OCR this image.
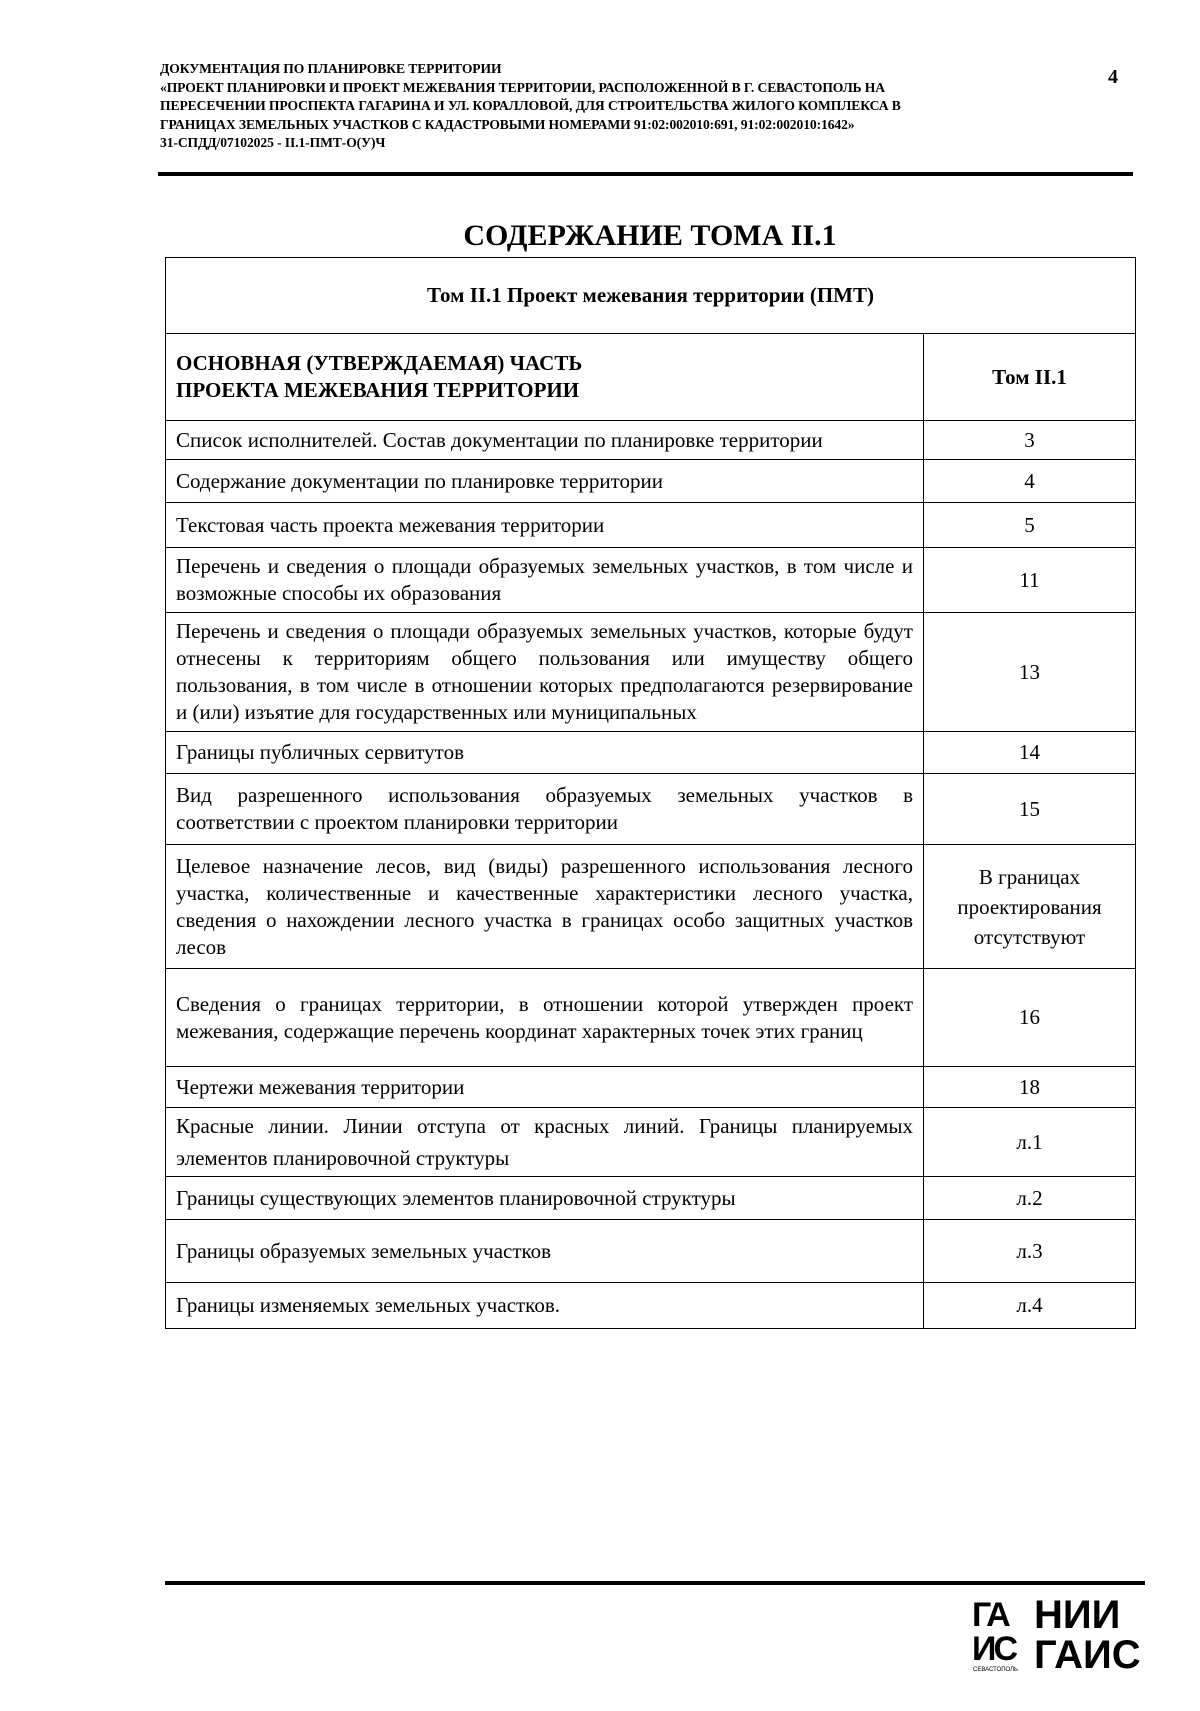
ДОКУМЕНТАЦИЯ ПО ПЛАНИРОВКЕ ТЕРРИТОРИИ
«ПРОЕКТ ПЛАНИРОВКИ И ПРОЕКТ МЕЖЕВАНИЯ ТЕРРИТОРИИ, РАСПОЛОЖЕННОЙ В Г. СЕВАСТОПОЛЬ НА
ПЕРЕСЕЧЕНИИ ПРОСПЕКТА ГАГАРИНА И УЛ. КОРАЛЛОВОЙ, ДЛЯ СТРОИТЕЛЬСТВА ЖИЛОГО КОМПЛЕКСА В
ГРАНИЦАХ ЗЕМЕЛЬНЫХ УЧАСТКОВ С КАДАСТРОВЫМИ НОМЕРАМИ 91:02:002010:691, 91:02:002010:1642»
31-СПДД/07102025 - II.1-ПМТ-О(У)Ч
4
СОДЕРЖАНИЕ ТОМА II.1
Том II.1 Проект межевания территории (ПМТ)	

ОСНОВНАЯ (УТВЕРЖДАЕМАЯ) ЧАСТЬ
ПРОЕКТА МЕЖЕВАНИЯ ТЕРРИТОРИИ	Том II.1
Список исполнителей. Состав документации по планировке территории	3
Содержание документации по планировке территории	4
Текстовая часть проекта межевания территории	5
Перечень и сведения о площади образуемых земельных участков, в том числе и возможные способы их образования	11
Перечень и сведения о площади образуемых земельных участков, которые будут отнесены к территориям общего пользования или имуществу общего пользования, в том числе в отношении которых предполагаются резервирование и (или) изъятие для государственных или муниципальных	13
Границы публичных сервитутов	14
Вид разрешенного использования образуемых земельных участков в соответствии с проектом планировки территории	15
Целевое назначение лесов, вид (виды) разрешенного использования лесного участка, количественные и качественные характеристики лесного участка, сведения о нахождении лесного участка в границах особо защитных участков лесов	В границах проектирования отсутствуют
Сведения о границах территории, в отношении которой утвержден проект межевания, содержащие перечень координат характерных точек этих границ	16
Чертежи межевания территории	18
Красные линии. Линии отступа от красных линий. Границы планируемых элементов планировочной структуры	л.1
Границы существующих элементов планировочной структуры	л.2
Границы образуемых земельных участков	л.3
Границы изменяемых земельных участков.	л.4
ГА
ИС
СЕВАСТОПОЛЬ
НИИ
ГАИС
